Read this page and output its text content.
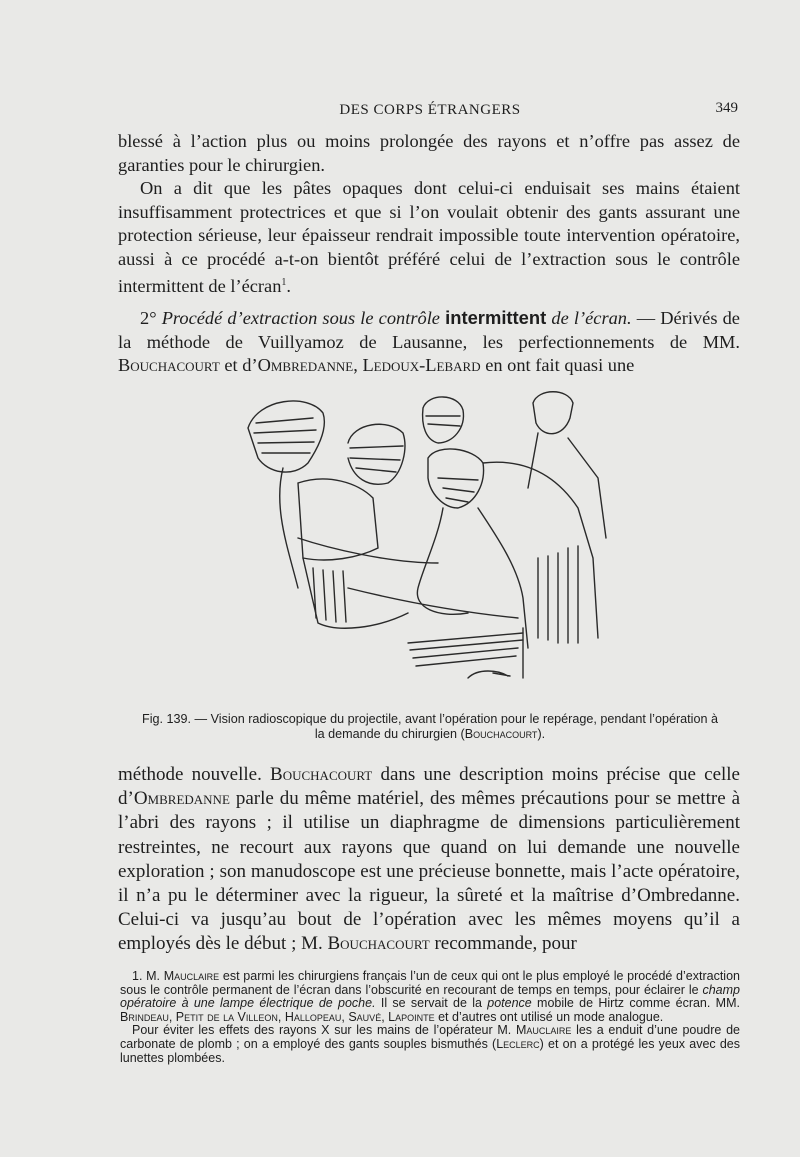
DES CORPS ÉTRANGERS	349

blessé à l’action plus ou moins prolongée des rayons et n’offre pas assez de garanties pour le chirurgien.

On a dit que les pâtes opaques dont celui-ci enduisait ses mains étaient insuffisamment protectrices et que si l’on voulait obtenir des gants assurant une protection sérieuse, leur épaisseur rendrait impossible toute intervention opératoire, aussi à ce procédé a-t-on bientôt préféré celui de l’extraction sous le contrôle intermittent de l’écran$^1$.

2° Procédé d’extraction sous le contrôle intermittent de l’écran. — Dérivés de la méthode de Vuillyamoz de Lausanne, les perfectionnements de MM. Bouchacourt et d’Ombredanne, Ledoux-Lebard en ont fait quasi une

Fig. 139. — Vision radioscopique du projectile, avant l’opération pour le repérage, pendant l’opération à la demande du chirurgien (Bouchacourt).

méthode nouvelle. Bouchacourt dans une description moins précise que celle d’Ombredanne parle du même matériel, des mêmes précautions pour se mettre à l’abri des rayons ; il utilise un diaphragme de dimensions particulièrement restreintes, ne recourt aux rayons que quand on lui demande une nouvelle exploration ; son manudoscope est une précieuse bonnette, mais l’acte opératoire, il n’a pu le déterminer avec la rigueur, la sûreté et la maîtrise d’Ombredanne. Celui-ci va jusqu’au bout de l’opération avec les mêmes moyens qu’il a employés dès le début ; M. Bouchacourt recommande, pour

1. M. Mauclaire est parmi les chirurgiens français l’un de ceux qui ont le plus employé le procédé d’extraction sous le contrôle permanent de l’écran dans l’obscurité en recourant de temps en temps, pour éclairer le champ opératoire à une lampe électrique de poche. Il se servait de la potence mobile de Hirtz comme écran. MM. Brindeau, Petit de la Villeon, Hallopeau, Sauvé, Lapointe et d’autres ont utilisé un mode analogue.

Pour éviter les effets des rayons X sur les mains de l’opérateur M. Mauclaire les a enduit d’une poudre de carbonate de plomb ; on a employé des gants souples bismuthés (Leclerc) et on a protégé les yeux avec des lunettes plombées.
